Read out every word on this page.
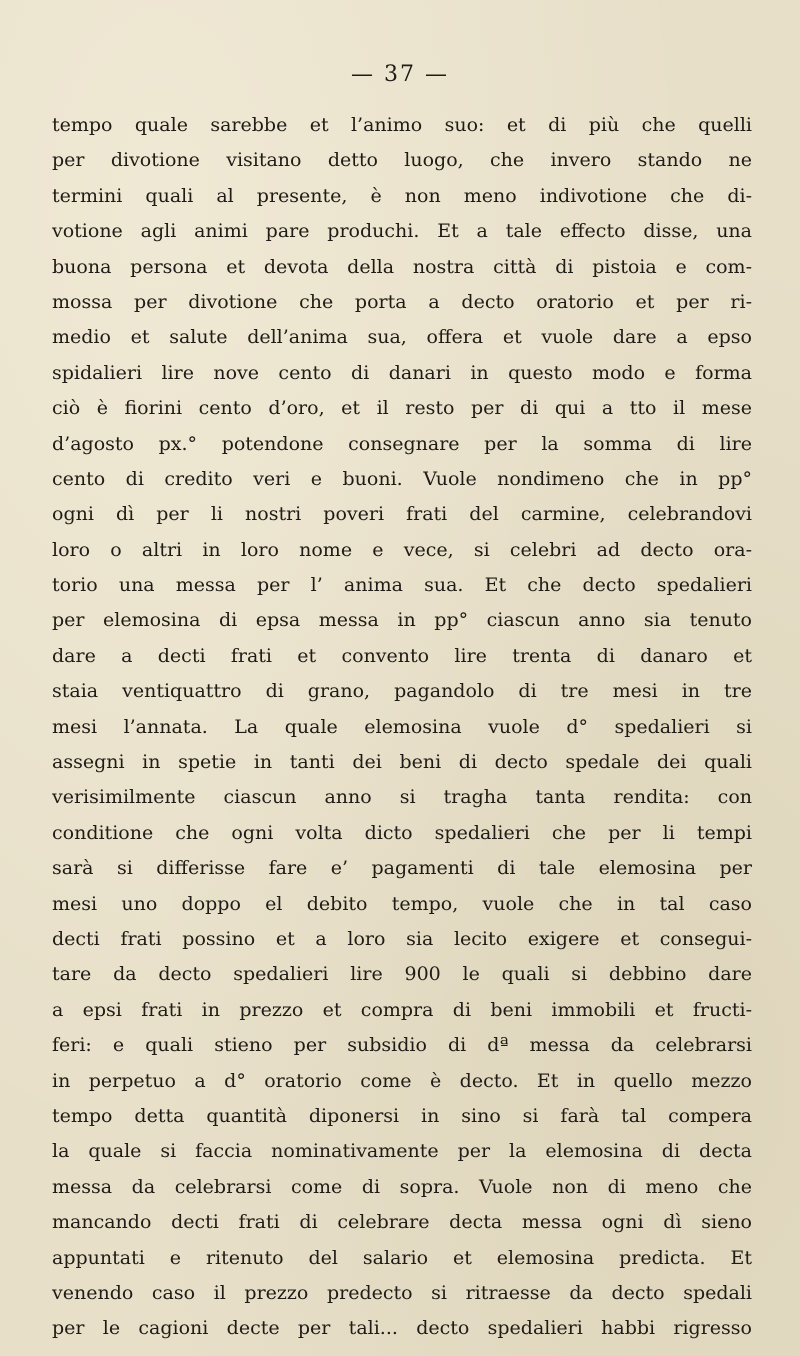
— 37 —

tempo quale sarebbe et l’animo suo: et di più che quelli
per divotione visitano detto luogo, che invero stando ne
termini quali al presente, è non meno indivotione che di-
votione agli animi pare produchi. Et a tale effecto disse, una
buona persona et devota della nostra città di pistoia e com-
mossa per divotione che porta a decto oratorio et per ri-
medio et salute dell’anima sua, offera et vuole dare a epso
spidalieri lire nove cento di danari in questo modo e forma
ciò è fiorini cento d’oro, et il resto per di qui a tto il mese
d’agosto px.° potendone consegnare per la somma di lire
cento di credito veri e buoni. Vuole nondimeno che in pp°
ogni dì per li nostri poveri frati del carmine, celebrandovi
loro o altri in loro nome e vece, si celebri ad decto ora-
torio una messa per l’ anima sua. Et che decto spedalieri
per elemosina di epsa messa in pp° ciascun anno sia tenuto
dare a decti frati et convento lire trenta di danaro et
staia ventiquattro di grano, pagandolo di tre mesi in tre
mesi l’annata. La quale elemosina vuole d° spedalieri si
assegni in spetie in tanti dei beni di decto spedale dei quali
verisimilmente ciascun anno si tragha tanta rendita: con
conditione che ogni volta dicto spedalieri che per li tempi
sarà si differisse fare e’ pagamenti di tale elemosina per
mesi uno doppo el debito tempo, vuole che in tal caso
decti frati possino et a loro sia lecito exigere et consegui-
tare da decto spedalieri lire 900 le quali si debbino dare
a epsi frati in prezzo et compra di beni immobili et fructi-
feri: e quali stieno per subsidio di dª messa da celebrarsi
in perpetuo a d° oratorio come è decto. Et in quello mezzo
tempo detta quantità diponersi in sino si farà tal compera
la quale si faccia nominativamente per la elemosina di decta
messa da celebrarsi come di sopra. Vuole non di meno che
mancando decti frati di celebrare decta messa ogni dì sieno
appuntati e ritenuto del salario et elemosina predicta. Et
venendo caso il prezzo predecto si ritraesse da decto spedali
per le cagioni decte per tali... decto spedalieri habbi rigresso
